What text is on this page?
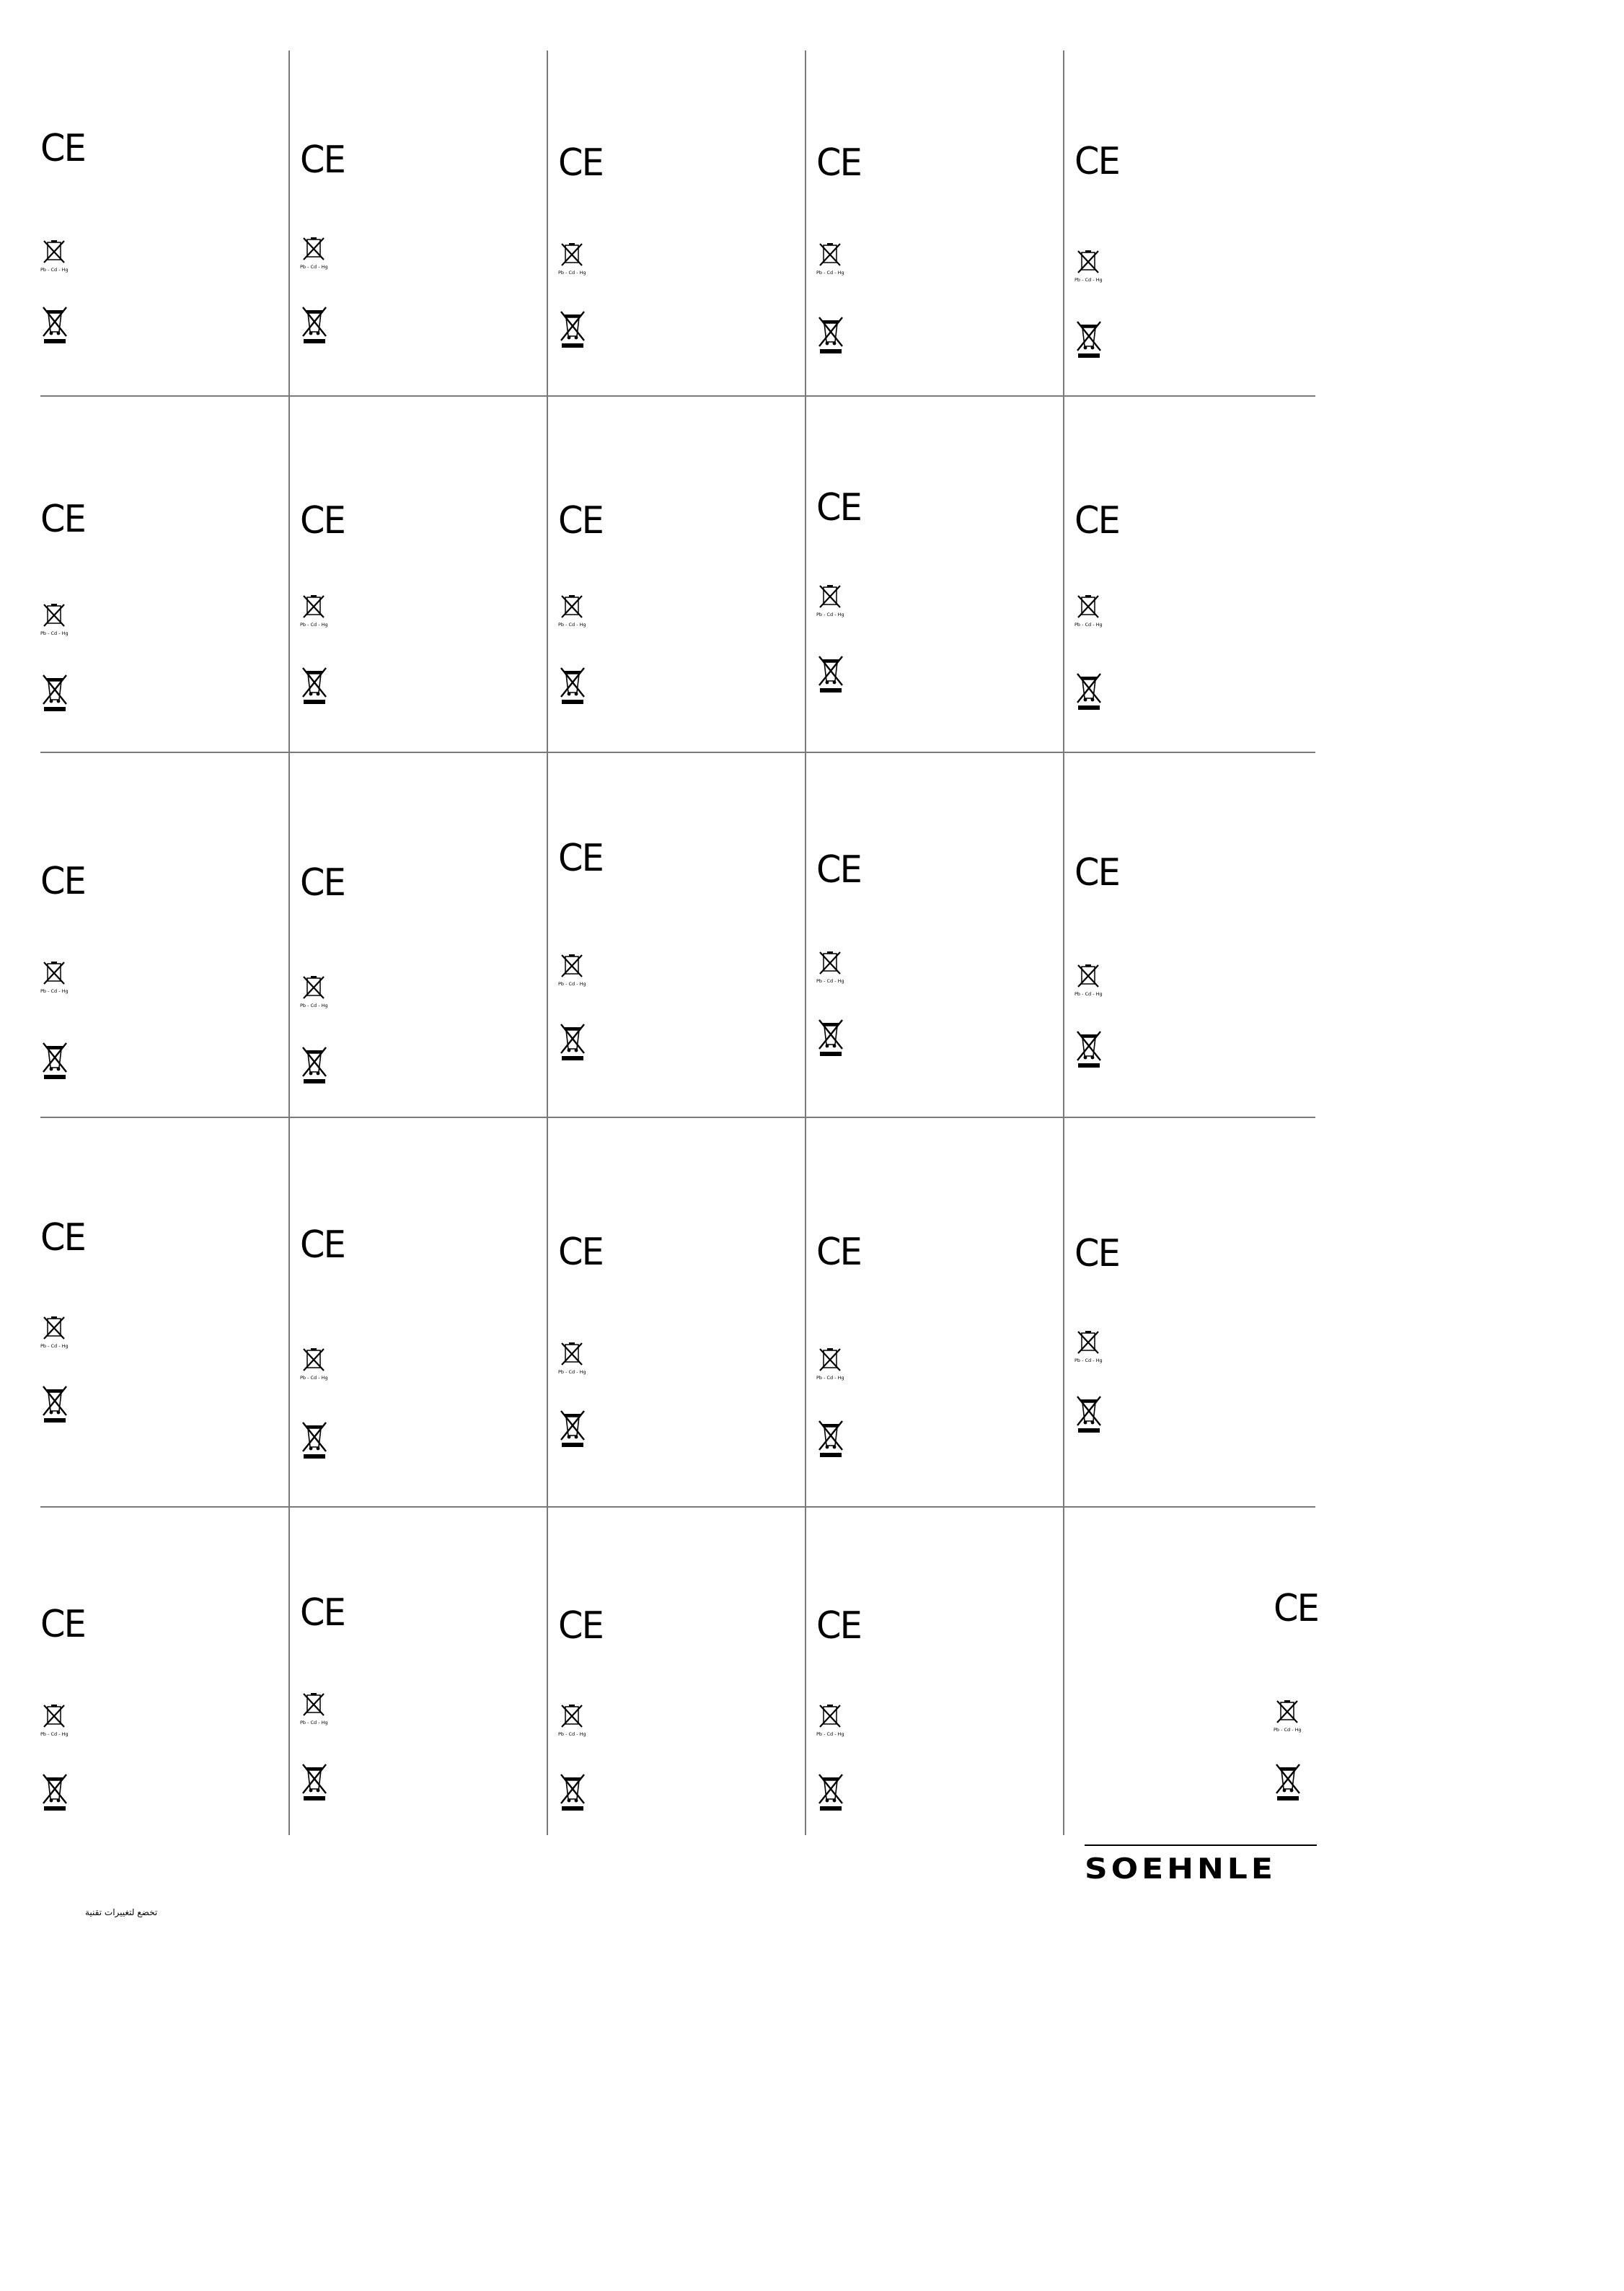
CE
Pb - Cd - Hg
CE
Pb - Cd - Hg
CE
Pb - Cd - Hg
CE
Pb - Cd - Hg
CE
Pb - Cd - Hg
CE
Pb - Cd - Hg
CE
Pb - Cd - Hg
CE
Pb - Cd - Hg
CE
Pb - Cd - Hg
CE
Pb - Cd - Hg
CE
Pb - Cd - Hg
CE
Pb - Cd - Hg
CE
Pb - Cd - Hg
CE
Pb - Cd - Hg
CE
Pb - Cd - Hg
CE
Pb - Cd - Hg
CE
Pb - Cd - Hg
CE
Pb - Cd - Hg
CE
Pb - Cd - Hg
CE
Pb - Cd - Hg
CE
Pb - Cd - Hg
CE
Pb - Cd - Hg
CE
Pb - Cd - Hg
CE
Pb - Cd - Hg
CE
Pb - Cd - Hg
SOEHNLE
تخضع لتغييرات تقنية
